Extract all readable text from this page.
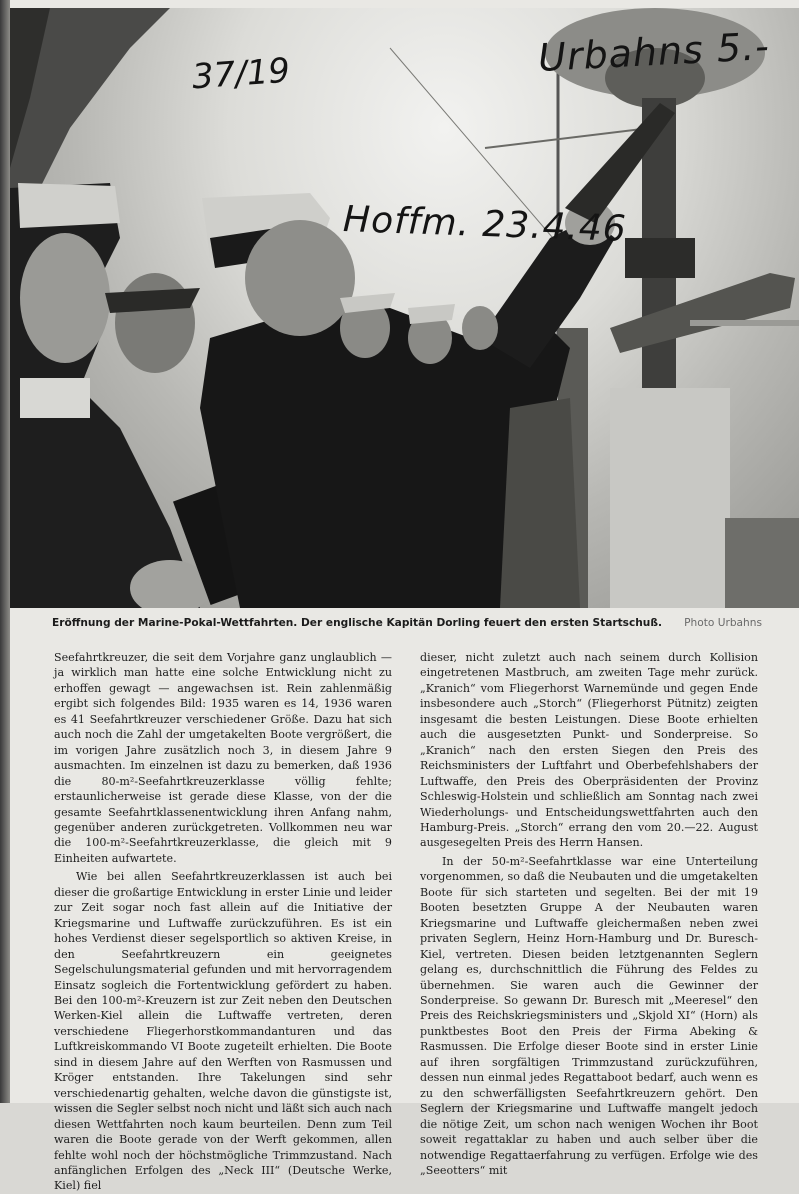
37/19	Urbahns 5.-
Hoffm. 23.4.46
Eröffnung der Marine-Pokal-Wettfahrten. Der englische Kapitän Dorling feuert den ersten Startschuß. Photo Urbahns

Seefahrtkreuzer, die seit dem Vorjahre ganz unglaublich — ja wirklich man hatte eine solche Entwicklung nicht zu erhoffen gewagt — angewachsen ist. Rein zahlenmäßig ergibt sich folgendes Bild: 1935 waren es 14, 1936 waren es 41 Seefahrtkreuzer verschiedener Größe. Dazu hat sich auch noch die Zahl der umgetakelten Boote vergrößert, die im vorigen Jahre zusätzlich noch 3, in diesem Jahre 9 ausmachten. Im einzelnen ist dazu zu bemerken, daß 1936 die 80-m²-Seefahrtkreuzerklasse völlig fehlte; erstaunlicherweise ist gerade diese Klasse, von der die gesamte Seefahrtklassenentwicklung ihren Anfang nahm, gegenüber anderen zurückgetreten. Vollkommen neu war die 100-m²-Seefahrtkreuzerklasse, die gleich mit 9 Einheiten aufwartete.

Wie bei allen Seefahrtkreuzerklassen ist auch bei dieser die großartige Entwicklung in erster Linie und leider zur Zeit sogar noch fast allein auf die Initiative der Kriegsmarine und Luftwaffe zurückzuführen. Es ist ein hohes Verdienst dieser segelsportlich so aktiven Kreise, in den Seefahrtkreuzern ein geeignetes Segelschulungsmaterial gefunden und mit hervorragendem Einsatz sogleich die Fortentwicklung gefördert zu haben. Bei den 100-m²-Kreuzern ist zur Zeit neben den Deutschen Werken-Kiel allein die Luftwaffe vertreten, deren verschiedene Fliegerhorstkommandanturen und das Luftkreiskommando VI Boote zugeteilt erhielten. Die Boote sind in diesem Jahre auf den Werften von Rasmussen und Kröger entstanden. Ihre Takelungen sind sehr verschiedenartig gehalten, welche davon die günstigste ist, wissen die Segler selbst noch nicht und läßt sich auch nach diesen Wettfahrten noch kaum beurteilen. Denn zum Teil waren die Boote gerade von der Werft gekommen, allen fehlte wohl noch der höchstmögliche Trimmzustand. Nach anfänglichen Erfolgen des „Neck III“ (Deutsche Werke, Kiel) fiel

dieser, nicht zuletzt auch nach seinem durch Kollision eingetretenen Mastbruch, am zweiten Tage mehr zurück. „Kranich“ vom Fliegerhorst Warnemünde und gegen Ende insbesondere auch „Storch“ (Fliegerhorst Pütnitz) zeigten insgesamt die besten Leistungen. Diese Boote erhielten auch die ausgesetzten Punkt- und Sonderpreise. So „Kranich“ nach den ersten Siegen den Preis des Reichsministers der Luftfahrt und Oberbefehlshabers der Luftwaffe, den Preis des Oberpräsidenten der Provinz Schleswig-Holstein und schließlich am Sonntag nach zwei Wiederholungs- und Entscheidungswettfahrten auch den Hamburg-Preis. „Storch“ errang den vom 20.—22. August ausgesegelten Preis des Herrn Hansen.

In der 50-m²-Seefahrtklasse war eine Unterteilung vorgenommen, so daß die Neubauten und die umgetakelten Boote für sich starteten und segelten. Bei der mit 19 Booten besetzten Gruppe A der Neubauten waren Kriegsmarine und Luftwaffe gleichermaßen neben zwei privaten Seglern, Heinz Horn-Hamburg und Dr. Buresch-Kiel, vertreten. Diesen beiden letztgenannten Seglern gelang es, durchschnittlich die Führung des Feldes zu übernehmen. Sie waren auch die Gewinner der Sonderpreise. So gewann Dr. Buresch mit „Meeresel“ den Preis des Reichskriegsministers und „Skjold XI“ (Horn) als punktbestes Boot den Preis der Firma Abeking & Rasmussen. Die Erfolge dieser Boote sind in erster Linie auf ihren sorgfältigen Trimmzustand zurückzuführen, dessen nun einmal jedes Regattaboot bedarf, auch wenn es zu den schwerfälligsten Seefahrtkreuzern gehört. Den Seglern der Kriegsmarine und Luftwaffe mangelt jedoch die nötige Zeit, um schon nach wenigen Wochen ihr Boot soweit regattaklar zu haben und auch selber über die notwendige Regattaerfahrung zu verfügen. Erfolge wie des „Seeotters“ mit
